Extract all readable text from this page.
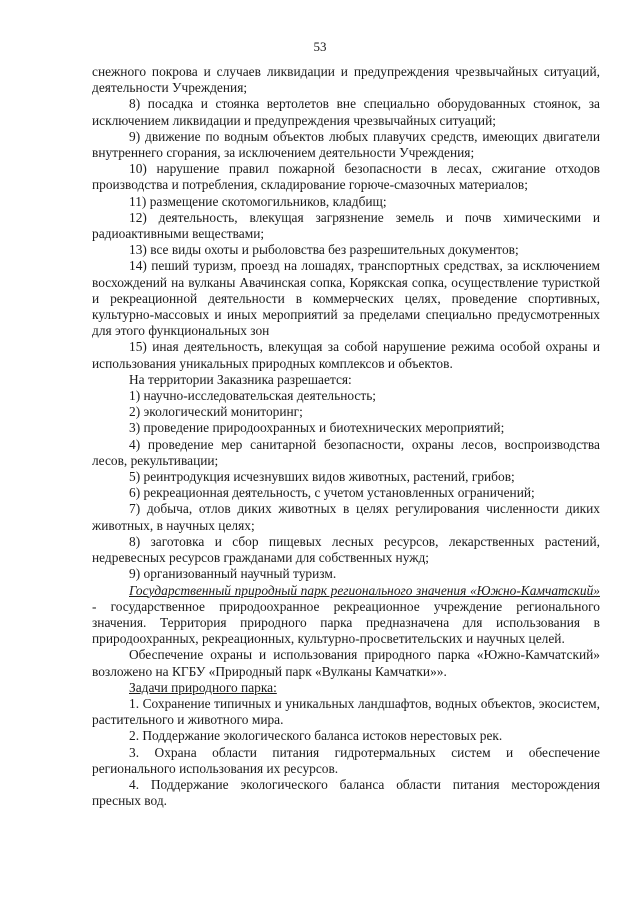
53

снежного покрова и случаев ликвидации и предупреждения чрезвычайных ситуаций, деятельности Учреждения;

8) посадка и стоянка вертолетов вне специально оборудованных стоянок, за исключением ликвидации и предупреждения чрезвычайных ситуаций;

9) движение по водным объектов любых плавучих средств, имеющих двигатели внутреннего сгорания, за исключением деятельности Учреждения;

10) нарушение правил пожарной безопасности в лесах, сжигание отходов производства и потребления, складирование горюче-смазочных материалов;

11) размещение скотомогильников, кладбищ;

12) деятельность, влекущая загрязнение земель и почв химическими и радиоактивными веществами;

13) все виды охоты и рыболовства без разрешительных документов;

14) пеший туризм, проезд на лошадях, транспортных средствах, за исключением восхождений на вулканы Авачинская сопка, Корякская сопка, осуществление туристкой и рекреационной деятельности в коммерческих целях, проведение спортивных, культурно-массовых и иных мероприятий за пределами специально предусмотренных для этого функциональных зон

15) иная деятельность, влекущая за собой нарушение режима особой охраны и использования уникальных природных комплексов и объектов.

На территории Заказника разрешается:

1) научно-исследовательская деятельность;

2) экологический мониторинг;

3) проведение природоохранных и биотехнических мероприятий;

4) проведение мер санитарной безопасности, охраны лесов, воспроизводства лесов, рекультивации;

5) реинтродукция исчезнувших видов животных, растений, грибов;

6) рекреационная деятельность, с учетом установленных ограничений;

7) добыча, отлов диких животных в целях регулирования численности диких животных, в научных целях;

8) заготовка и сбор пищевых лесных ресурсов, лекарственных растений, недревесных ресурсов гражданами для собственных нужд;

9) организованный научный туризм.

Государственный природный парк регионального значения «Южно-Камчатский» - государственное природоохранное рекреационное учреждение регионального значения. Территория природного парка предназначена для использования в природоохранных, рекреационных, культурно-просветительских и научных целей.

Обеспечение охраны и использования природного парка «Южно-Камчатский» возложено на КГБУ «Природный парк «Вулканы Камчатки»».

Задачи природного парка:

1. Сохранение типичных и уникальных ландшафтов, водных объектов, экосистем, растительного и животного мира.

2. Поддержание экологического баланса истоков нерестовых рек.

3. Охрана области питания гидротермальных систем и обеспечение регионального использования их ресурсов.

4. Поддержание экологического баланса области питания месторождения пресных вод.
